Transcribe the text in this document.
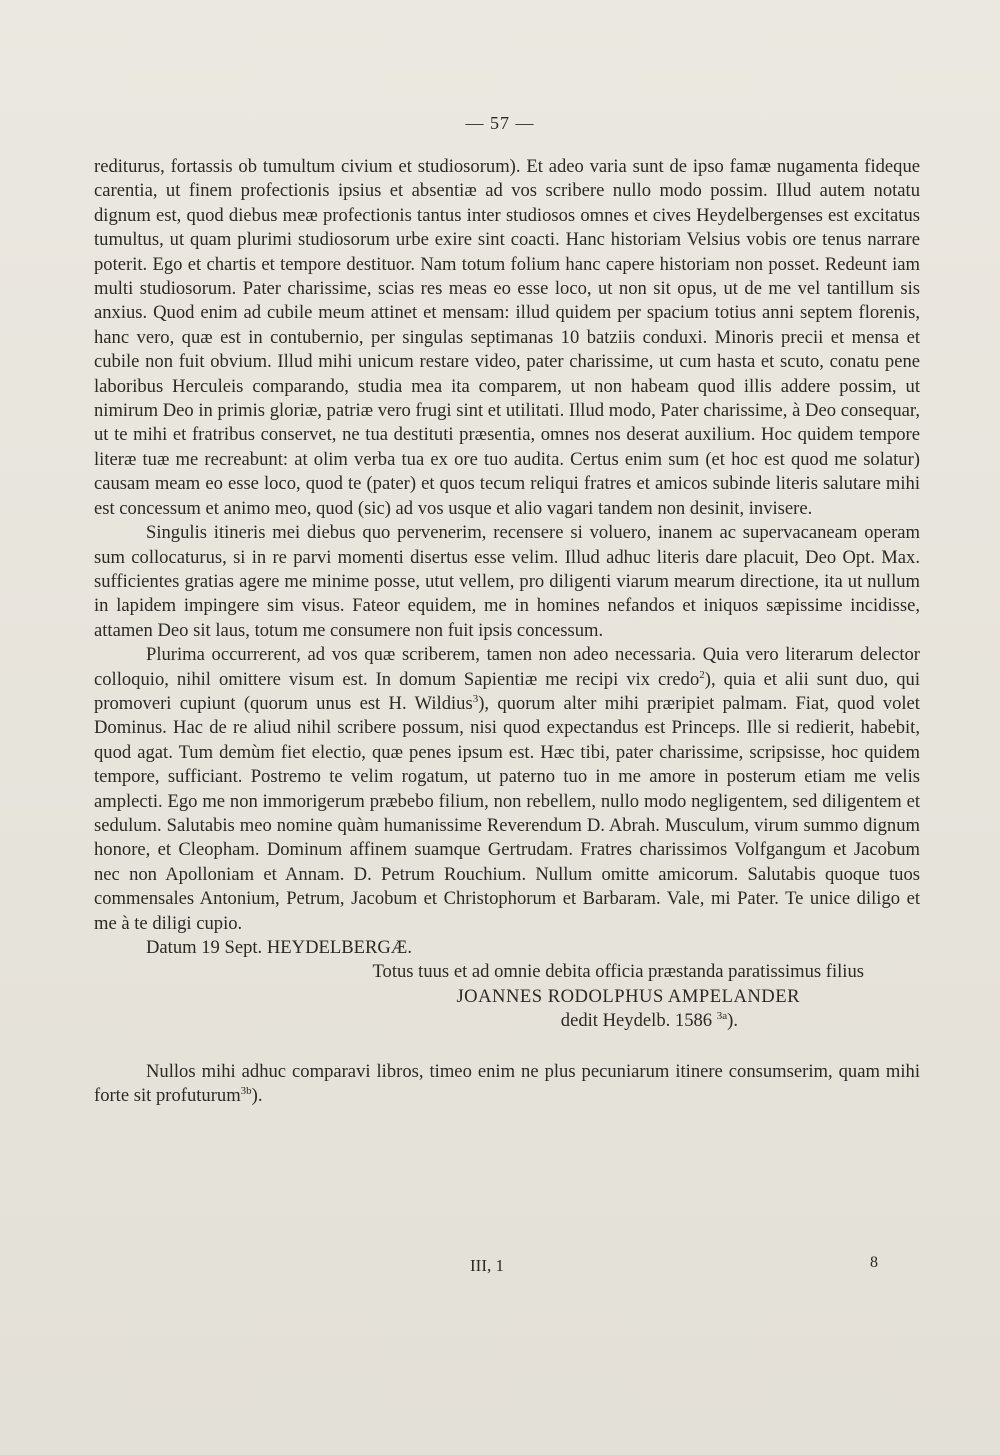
— 57 —

rediturus, fortassis ob tumultum civium et studiosorum). Et adeo varia sunt de ipso famæ nugamenta fideque carentia, ut finem profectionis ipsius et absentiæ ad vos scribere nullo modo possim. Illud autem notatu dignum est, quod diebus meæ profectionis tantus inter studiosos omnes et cives Heydelbergenses est excitatus tumultus, ut quam plurimi studiosorum urbe exire sint coacti. Hanc historiam Velsius vobis ore tenus narrare poterit. Ego et chartis et tempore destituor. Nam totum folium hanc capere historiam non posset. Redeunt iam multi studiosorum. Pater charissime, scias res meas eo esse loco, ut non sit opus, ut de me vel tantillum sis anxius. Quod enim ad cubile meum attinet et mensam: illud quidem per spacium totius anni septem florenis, hanc vero, quæ est in contubernio, per singulas septimanas 10 batziis conduxi. Minoris precii et mensa et cubile non fuit obvium. Illud mihi unicum restare video, pater charissime, ut cum hasta et scuto, conatu pene laboribus Herculeis comparando, studia mea ita comparem, ut non habeam quod illis addere possim, ut nimirum Deo in primis gloriæ, patriæ vero frugi sint et utilitati. Illud modo, Pater charissime, à Deo consequar, ut te mihi et fratribus conservet, ne tua destituti præsentia, omnes nos deserat auxilium. Hoc quidem tempore literæ tuæ me recreabunt: at olim verba tua ex ore tuo audita. Certus enim sum (et hoc est quod me solatur) causam meam eo esse loco, quod te (pater) et quos tecum reliqui fratres et amicos subinde literis salutare mihi est concessum et animo meo, quod (sic) ad vos usque et alio vagari tandem non desinit, invisere.

Singulis itineris mei diebus quo pervenerim, recensere si voluero, inanem ac supervacaneam operam sum collocaturus, si in re parvi momenti disertus esse velim. Illud adhuc literis dare placuit, Deo Opt. Max. sufficientes gratias agere me minime posse, utut vellem, pro diligenti viarum mearum directione, ita ut nullum in lapidem impingere sim visus. Fateor equidem, me in homines nefandos et iniquos sæpissime incidisse, attamen Deo sit laus, totum me consumere non fuit ipsis concessum.

Plurima occurrerent, ad vos quæ scriberem, tamen non adeo necessaria. Quia vero literarum delector colloquio, nihil omittere visum est. In domum Sapientiæ me recipi vix credo$^2$), quia et alii sunt duo, qui promoveri cupiunt (quorum unus est H. Wildius$^3$), quorum alter mihi præripiet palmam. Fiat, quod volet Dominus. Hac de re aliud nihil scribere possum, nisi quod expectandus est Princeps. Ille si redierit, habebit, quod agat. Tum demùm fiet electio, quæ penes ipsum est. Hæc tibi, pater charissime, scripsisse, hoc quidem tempore, sufficiant. Postremo te velim rogatum, ut paterno tuo in me amore in posterum etiam me velis amplecti. Ego me non immorigerum præbebo filium, non rebellem, nullo modo negligentem, sed diligentem et sedulum. Salutabis meo nomine quàm humanissime Reverendum D. Abrah. Musculum, virum summo dignum honore, et Cleopham. Dominum affinem suamque Gertrudam. Fratres charissimos Volfgangum et Jacobum nec non Apolloniam et Annam. D. Petrum Rouchium. Nullum omitte amicorum. Salutabis quoque tuos commensales Antonium, Petrum, Jacobum et Christophorum et Barbaram. Vale, mi Pater. Te unice diligo et me à te diligi cupio.

Datum 19 Sept. HEYDELBERGÆ.

Totus tuus et ad omnie debita officia præstanda paratissimus filius
JOANNES RODOLPHUS AMPELANDER
dedit Heydelb. 1586 $^{3a}$).

Nullos mihi adhuc comparavi libros, timeo enim ne plus pecuniarum itinere consumserim, quam mihi forte sit profuturum$^{3b}$).

III, 1	8
